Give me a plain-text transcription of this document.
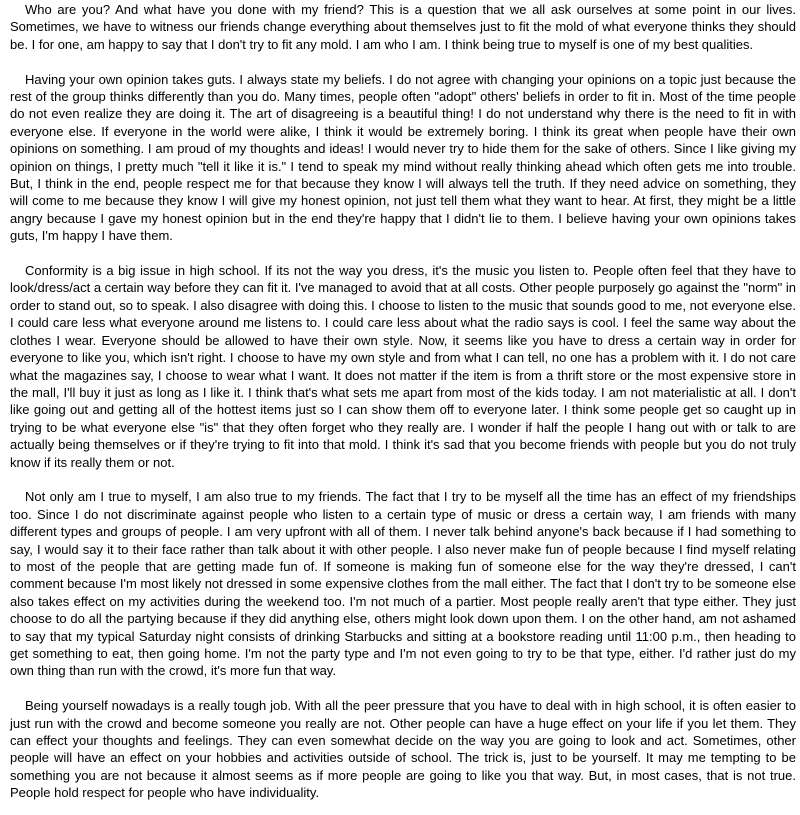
Who are you? And what have you done with my friend? This is a question that we all ask ourselves at some point in our lives. Sometimes, we have to witness our friends change everything about themselves just to fit the mold of what everyone thinks they should be. I for one, am happy to say that I don't try to fit any mold. I am who I am. I think being true to myself is one of my best qualities.

Having your own opinion takes guts. I always state my beliefs. I do not agree with changing your opinions on a topic just because the rest of the group thinks differently than you do. Many times, people often "adopt" others' beliefs in order to fit in. Most of the time people do not even realize they are doing it. The art of disagreeing is a beautiful thing! I do not understand why there is the need to fit in with everyone else. If everyone in the world were alike, I think it would be extremely boring. I think its great when people have their own opinions on something. I am proud of my thoughts and ideas! I would never try to hide them for the sake of others. Since I like giving my opinion on things, I pretty much "tell it like it is." I tend to speak my mind without really thinking ahead which often gets me into trouble. But, I think in the end, people respect me for that because they know I will always tell the truth. If they need advice on something, they will come to me because they know I will give my honest opinion, not just tell them what they want to hear. At first, they might be a little angry because I gave my honest opinion but in the end they're happy that I didn't lie to them. I believe having your own opinions takes guts, I'm happy I have them.

Conformity is a big issue in high school. If its not the way you dress, it's the music you listen to. People often feel that they have to look/dress/act a certain way before they can fit it. I've managed to avoid that at all costs. Other people purposely go against the "norm" in order to stand out, so to speak. I also disagree with doing this. I choose to listen to the music that sounds good to me, not everyone else. I could care less what everyone around me listens to. I could care less about what the radio says is cool. I feel the same way about the clothes I wear. Everyone should be allowed to have their own style. Now, it seems like you have to dress a certain way in order for everyone to like you, which isn't right. I choose to have my own style and from what I can tell, no one has a problem with it. I do not care what the magazines say, I choose to wear what I want. It does not matter if the item is from a thrift store or the most expensive store in the mall, I'll buy it just as long as I like it. I think that's what sets me apart from most of the kids today. I am not materialistic at all. I don't like going out and getting all of the hottest items just so I can show them off to everyone later. I think some people get so caught up in trying to be what everyone else "is" that they often forget who they really are. I wonder if half the people I hang out with or talk to are actually being themselves or if they're trying to fit into that mold. I think it's sad that you become friends with people but you do not truly know if its really them or not.

Not only am I true to myself, I am also true to my friends. The fact that I try to be myself all the time has an effect of my friendships too. Since I do not discriminate against people who listen to a certain type of music or dress a certain way, I am friends with many different types and groups of people. I am very upfront with all of them. I never talk behind anyone's back because if I had something to say, I would say it to their face rather than talk about it with other people. I also never make fun of people because I find myself relating to most of the people that are getting made fun of. If someone is making fun of someone else for the way they're dressed, I can't comment because I'm most likely not dressed in some expensive clothes from the mall either. The fact that I don't try to be someone else also takes effect on my activities during the weekend too. I'm not much of a partier. Most people really aren't that type either. They just choose to do all the partying because if they did anything else, others might look down upon them. I on the other hand, am not ashamed to say that my typical Saturday night consists of drinking Starbucks and sitting at a bookstore reading until 11:00 p.m., then heading to get something to eat, then going home. I'm not the party type and I'm not even going to try to be that type, either. I'd rather just do my own thing than run with the crowd, it's more fun that way.

Being yourself nowadays is a really tough job. With all the peer pressure that you have to deal with in high school, it is often easier to just run with the crowd and become someone you really are not. Other people can have a huge effect on your life if you let them. They can effect your thoughts and feelings. They can even somewhat decide on the way you are going to look and act. Sometimes, other people will have an effect on your hobbies and activities outside of school. The trick is, just to be yourself. It may me tempting to be something you are not because it almost seems as if more people are going to like you that way. But, in most cases, that is not true. People hold respect for people who have individuality.
